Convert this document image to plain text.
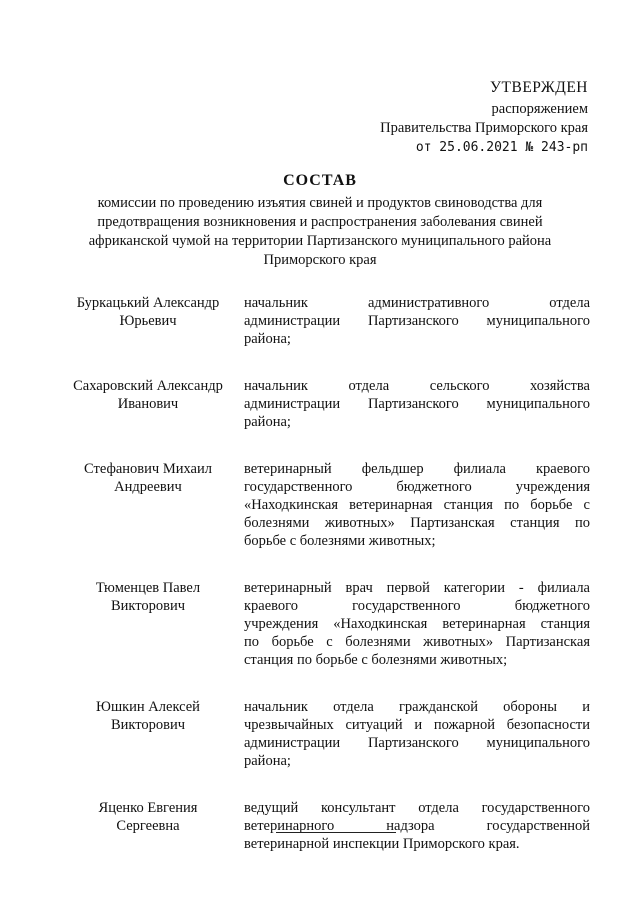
УТВЕРЖДЕН
распоряжением
Правительства Приморского края
от 25.06.2021 № 243-рп
СОСТАВ
комиссии по проведению изъятия свиней и продуктов свиноводства для
предотвращения возникновения и распространения заболевания свиней
африканской чумой на территории Партизанского муниципального района
Приморского края
Буркацький Александр
Юрьевич
начальник административного отдела
администрации Партизанского муниципального
района;
Сахаровский Александр
Иванович
начальник отдела сельского хозяйства
администрации Партизанского муниципального
района;
Стефанович Михаил
Андреевич
ветеринарный фельдшер филиала краевого
государственного бюджетного учреждения
«Находкинская ветеринарная станция по борьбе с
болезнями животных» Партизанская станция по
борьбе с болезнями животных;
Тюменцев Павел
Викторович
ветеринарный врач первой категории - филиала
краевого государственного бюджетного
учреждения «Находкинская ветеринарная станция
по борьбе с болезнями животных» Партизанская
станция по борьбе с болезнями животных;
Юшкин Алексей
Викторович
начальник отдела гражданской обороны и
чрезвычайных ситуаций и пожарной безопасности
администрации Партизанского муниципального
района;
Яценко Евгения
Сергеевна
ведущий консультант отдела государственного
ветеринарного надзора государственной
ветеринарной инспекции Приморского края.
